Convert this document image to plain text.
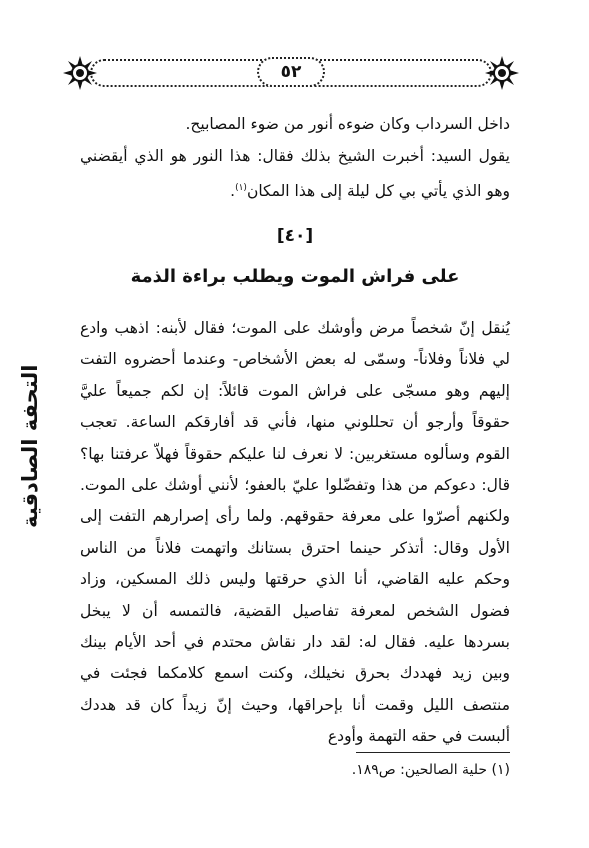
٥٢

داخل السرداب وكان ضوءه أنور من ضوء المصابيح.

يقول السيد: أخبرت الشيخ بذلك فقال: هذا النور هو الذي أيقضني وهو الذي يأتي بي كل ليلة إلى هذا المكان$^{(١)}$.

[٤٠]
على فراش الموت ويطلب براءة الذمة

يُنقل إنّ شخصاً مرض وأوشك على الموت؛ فقال لأبنه: اذهب وادع لي فلاناً وفلاناً- وسمّى له بعض الأشخاص- وعندما أحضروه التفت إليهم وهو مسجّى على فراش الموت قائلاً: إن لكم جميعاً عليَّ حقوقاً وأرجو أن تحللوني منها، فأني قد أفارقكم الساعة. تعجب القوم وسألوه مستغربين: لا نعرف لنا عليكم حقوقاً فهلاّ عرفتنا بها؟ قال: دعوكم من هذا وتفضّلوا عليّ بالعفو؛ لأنني أوشك على الموت. ولكنهم أصرّوا على معرفة حقوقهم. ولما رأى إصرارهم التفت إلى الأول وقال: أتذكر حينما احترق بستانك واتهمت فلاناً من الناس وحكم عليه القاضي، أنا الذي حرقتها وليس ذلك المسكين، وزاد فضول الشخص لمعرفة تفاصيل القضية، فالتمسه أن لا يبخل بسردها عليه. فقال له: لقد دار نقاش محتدم في أحد الأيام بينك وبين زيد فهددك بحرق نخيلك، وكنت اسمع كلامكما فجئت في منتصف الليل وقمت أنا بإحراقها، وحيث إنّ زيداً كان قد هددك ألبست في حقه التهمة وأودع

التحفة الصادقية
(١) حلية الصالحين: ص١٨٩.
